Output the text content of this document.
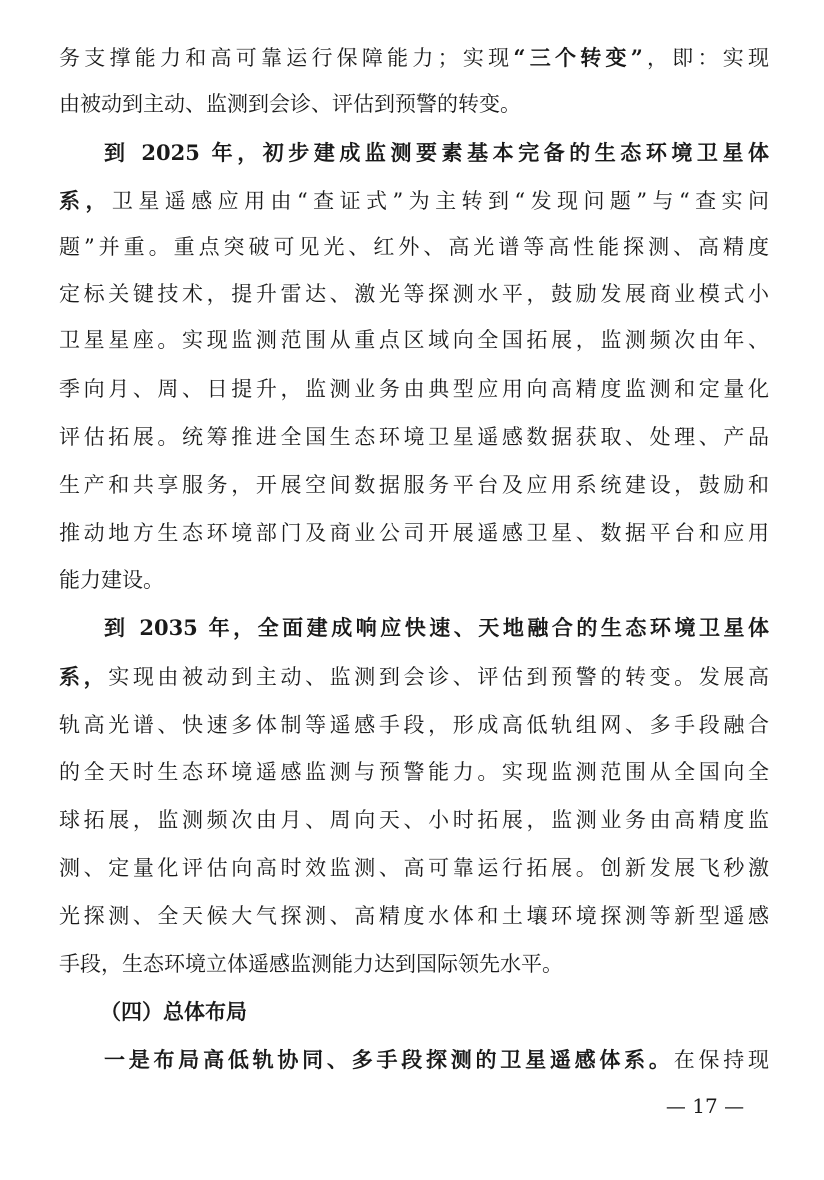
务支撑能力和高可靠运行保障能力；实现“三个转变”，即：实现
由被动到主动、监测到会诊、评估到预警的转变。
到 2025 年，初步建成监测要素基本完备的生态环境卫星体
系，卫星遥感应用由“查证式”为主转到“发现问题”与“查实问
题”并重。重点突破可见光、红外、高光谱等高性能探测、高精度
定标关键技术，提升雷达、激光等探测水平，鼓励发展商业模式小
卫星星座。实现监测范围从重点区域向全国拓展，监测频次由年、
季向月、周、日提升，监测业务由典型应用向高精度监测和定量化
评估拓展。统筹推进全国生态环境卫星遥感数据获取、处理、产品
生产和共享服务，开展空间数据服务平台及应用系统建设，鼓励和
推动地方生态环境部门及商业公司开展遥感卫星、数据平台和应用
能力建设。
到 2035 年，全面建成响应快速、天地融合的生态环境卫星体
系，实现由被动到主动、监测到会诊、评估到预警的转变。发展高
轨高光谱、快速多体制等遥感手段，形成高低轨组网、多手段融合
的全天时生态环境遥感监测与预警能力。实现监测范围从全国向全
球拓展，监测频次由月、周向天、小时拓展，监测业务由高精度监
测、定量化评估向高时效监测、高可靠运行拓展。创新发展飞秒激
光探测、全天候大气探测、高精度水体和土壤环境探测等新型遥感
手段，生态环境立体遥感监测能力达到国际领先水平。
（四）总体布局
一是布局高低轨协同、多手段探测的卫星遥感体系。在保持现
— 17 —
